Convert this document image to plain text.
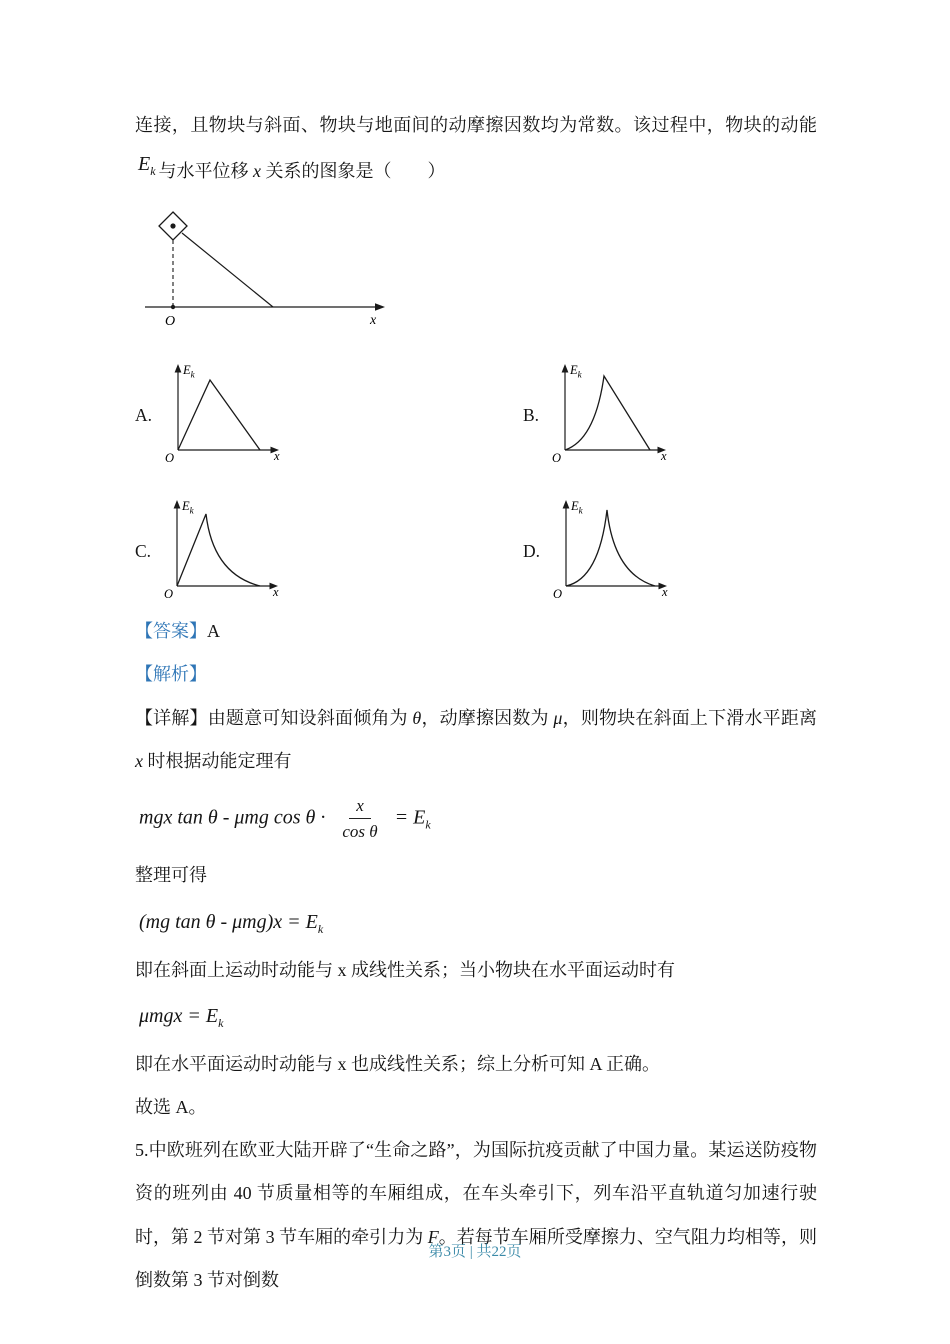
连接，且物块与斜面、物块与地面间的动摩擦因数均为常数。该过程中，物块的动能$E_k$ 与水平位移 x 关系的图象是（　　）

O	x
A.
$E_k$
O	x
B.
$E_k$
O	x
C.
$E_k$
O	x
D.
$E_k$
O	x

【答案】A

【解析】

【详解】由题意可知设斜面倾角为 θ，动摩擦因数为 μ，则物块在斜面上下滑水平距离 x 时根据动能定理有

mgx tan θ - μmg $\cos \theta \cdot \frac{x}{\text{cos θ}} = E_k$

整理可得

(mg $\tan \theta - \mu mg)x = E_k$

即在斜面上运动时动能与 x 成线性关系；当小物块在水平面运动时有

$\mu mgx = E_k$

即在水平面运动时动能与 x 也成线性关系；综上分析可知 A 正确。

故选 A。

5.中欧班列在欧亚大陆开辟了“生命之路”，为国际抗疫贡献了中国力量。某运送防疫物资的班列由 40 节质量相等的车厢组成，在车头牵引下，列车沿平直轨道匀加速行驶时，第 2 节对第 3 节车厢的牵引力为 F。若每节车厢所受摩擦力、空气阻力均相等，则倒数第 3 节对倒数

第3页 | 共22页
